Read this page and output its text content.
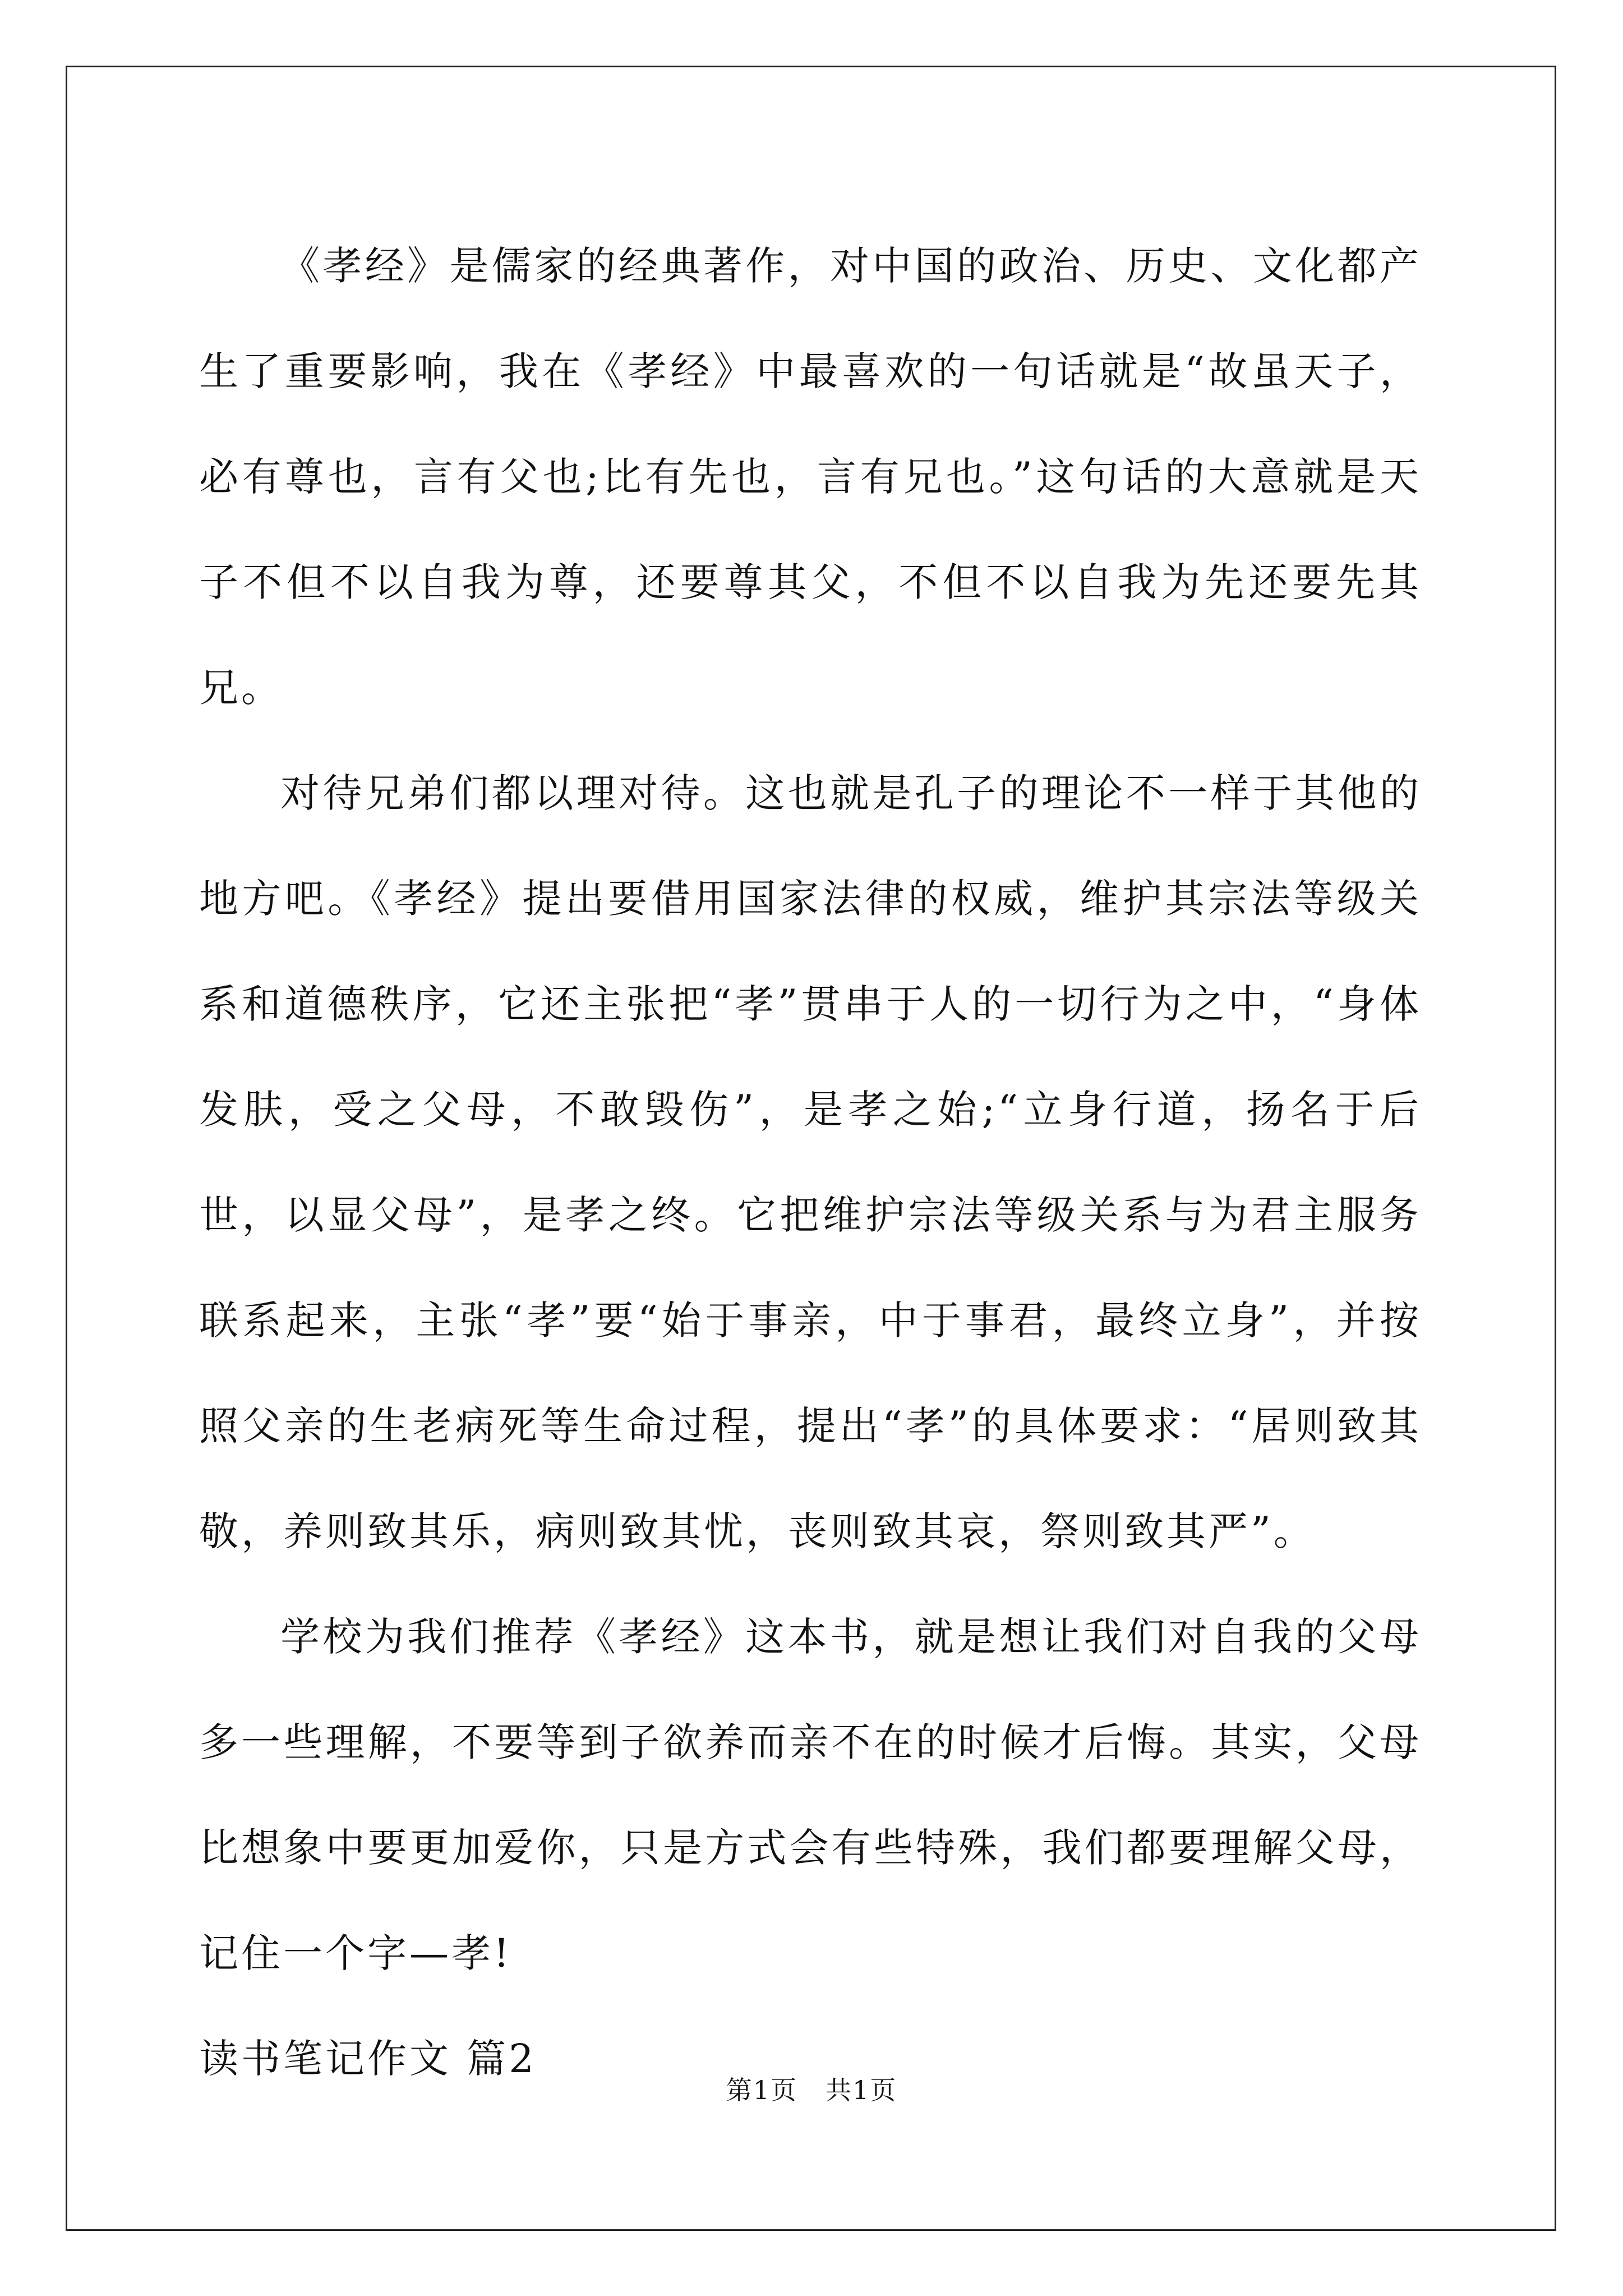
《孝经》是儒家的经典著作，对中国的政治、历史、文化都产生了重要影响，我在《孝经》中最喜欢的一句话就是“故虽天子，必有尊也，言有父也;比有先也，言有兄也。”这句话的大意就是天子不但不以自我为尊，还要尊其父，不但不以自我为先还要先其兄。

对待兄弟们都以理对待。这也就是孔子的理论不一样于其他的地方吧。《孝经》提出要借用国家法律的权威，维护其宗法等级关系和道德秩序，它还主张把“孝”贯串于人的一切行为之中，“身体发肤，受之父母，不敢毁伤”，是孝之始;“立身行道，扬名于后世，以显父母”，是孝之终。它把维护宗法等级关系与为君主服务联系起来，主张“孝”要“始于事亲，中于事君，最终立身”，并按照父亲的生老病死等生命过程，提出“孝”的具体要求：“居则致其敬，养则致其乐，病则致其忧，丧则致其哀，祭则致其严”。

学校为我们推荐《孝经》这本书，就是想让我们对自我的父母多一些理解，不要等到子欲养而亲不在的时候才后悔。其实，父母比想象中要更加爱你，只是方式会有些特殊，我们都要理解父母，记住一个字—孝!

读书笔记作文 篇2

第1页 共1页
